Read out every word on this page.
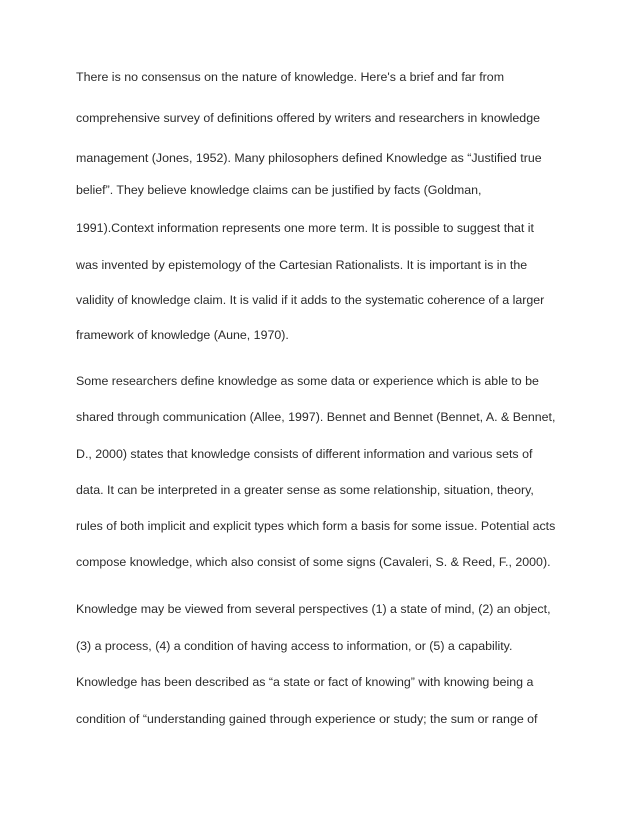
There is no consensus on the nature of knowledge. Here's a brief and far from

comprehensive survey of definitions offered by writers and researchers in knowledge

management (Jones, 1952). Many philosophers defined Knowledge as “Justified true

belief”. They believe knowledge claims can be justified by facts (Goldman,

1991).Context information represents one more term. It is possible to suggest that it

was invented by epistemology of the Cartesian Rationalists. It is important is in the

validity of knowledge claim. It is valid if it adds to the systematic coherence of a larger

framework of knowledge (Aune, 1970).

Some researchers define knowledge as some data or experience which is able to be

shared through communication (Allee, 1997). Bennet and Bennet (Bennet, A. & Bennet,

D., 2000) states that knowledge consists of different information and various sets of

data. It can be interpreted in a greater sense as some relationship, situation, theory,

rules of both implicit and explicit types which form a basis for some issue. Potential acts

compose knowledge, which also consist of some signs (Cavaleri, S. & Reed, F., 2000).

Knowledge may be viewed from several perspectives (1) a state of mind, (2) an object,

(3) a process, (4) a condition of having access to information, or (5) a capability.

Knowledge has been described as “a state or fact of knowing” with knowing being a

condition of “understanding gained through experience or study; the sum or range of
